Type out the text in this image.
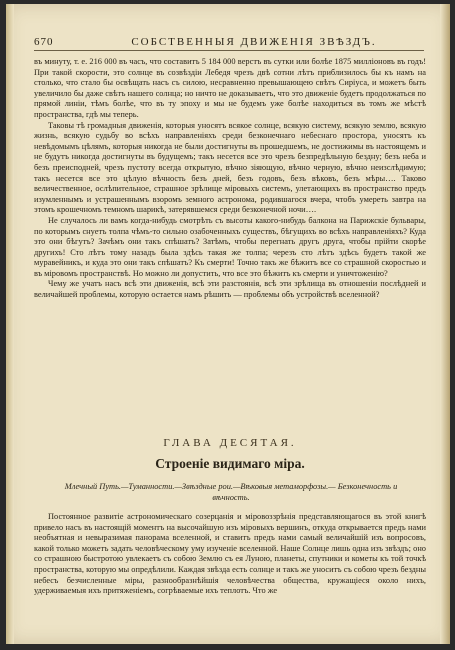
670	СОБСТВЕННЫЯ ДВИЖЕНІЯ ЗВѢЗДЪ.

въ минуту, т. е. 216 000 въ часъ, что составитъ 5 184 000 верстъ въ сутки или болѣе 1875 милліоновъ въ годъ! При такой скорости, это солнце въ созвѣздіи Лебедя чрезъ двѣ сотни лѣтъ приблизилось бы къ намъ на столько, что стало бы освѣщать насъ съ силою, несравненно превышающею свѣтъ Сиріуса, и можетъ быть увеличило бы даже свѣтъ нашего солнца; но ничто не доказываетъ, что это движеніе будетъ продолжаться по прямой линіи, тѣмъ болѣе, что въ ту эпоху и мы не будемъ уже болѣе находиться въ томъ же мѣстѣ пространства, гдѣ мы теперь.

Таковы тѣ громадныя движенія, которыя уносятъ всякое солнце, всякую систему, всякую землю, всякую жизнь, всякую судьбу во всѣхъ направленіяхъ среди безконечнаго небеснаго простора, уносятъ къ невѣдомымъ цѣлямъ, которыя никогда не были достигнуты въ прошедшемъ, не достижимы въ настоящемъ и не будутъ никогда достигнуты въ будущемъ; такъ несется все это чрезъ безпредѣльную бездну; безъ неба и безъ преисподней, чрезъ пустоту всегда открытую, вѣчно зіяющую, вѣчно черную, вѣчно неизслѣдимую; такъ несется все это цѣлую вѣчность безъ дней, безъ годовъ, безъ вѣковъ, безъ мѣры…. Таково величественное, ослѣпительное, страшное зрѣлище міровыхъ системъ, улетающихъ въ пространство предъ изумленнымъ и устрашеннымъ взоромъ земного астронома, родившагося вчера, чтобъ умереть завтра на этомъ крошечномъ темномъ шарикѣ, затерявшемся среди безконечной ночи….

Не случалось ли вамъ когда-нибудь смотрѣть съ высоты какого-нибудь балкона на Парижскіе бульвары, по которымъ снуетъ толпа чѣмъ-то сильно озабоченныхъ существъ, бѣгущихъ во всѣхъ направленіяхъ? Куда это они бѣгутъ? Зачѣмъ они такъ спѣшатъ? Затѣмъ, чтобы перегнать другъ друга, чтобы прійти скорѣе другихъ! Сто лѣтъ тому назадъ была здѣсь такая же толпа; черезъ сто лѣтъ здѣсь будетъ такой же муравейникъ, и куда это они такъ спѣшатъ? Къ смерти! Точно такъ же бѣжитъ все со страшной скоростью и въ міровомъ пространствѣ. Но можно ли допустить, что все это бѣжитъ къ смерти и уничтоженію?

Чему же учатъ насъ всѣ эти движенія, всѣ эти разстоянія, всѣ эти зрѣлища въ отношеніи послѣдней и величайшей проблемы, которую остается намъ рѣшить — проблемы объ устройствѣ вселенной?

ГЛАВА ДЕСЯТАЯ.
Строеніе видимаго міра.
Млечный Путь.—Туманности.—Звѣздные рои.—Вѣковыя метаморфозы.— Безконечность и вѣчность.

Постоянное развитіе астрономическаго созерцанія и міровоззрѣнія представляющагося въ этой книгѣ привело насъ въ настоящій моментъ на высочайшую изъ міровыхъ вершинъ, откуда открывается предъ нами необъятная и невыразимая панорама вселенной, и ставитъ предъ нами самый величайшій изъ вопросовъ, какой только можетъ задать человѣческому уму изученіе вселенной. Наше Солнце лишь одна изъ звѣздъ; оно со страшною быстротою увлекаетъ съ собою Землю съ ея Луною, планеты, спутники и кометы къ той точкѣ пространства, которую мы опредѣлили. Каждая звѣзда есть солнце и такъ же уноситъ съ собою чрезъ бездны небесъ безчисленные міры, разнообразнѣйшія человѣчества общества, кружащіеся около нихъ, удерживаемыя ихъ притяженіемъ, согрѣваемые ихъ теплотъ. Что же
